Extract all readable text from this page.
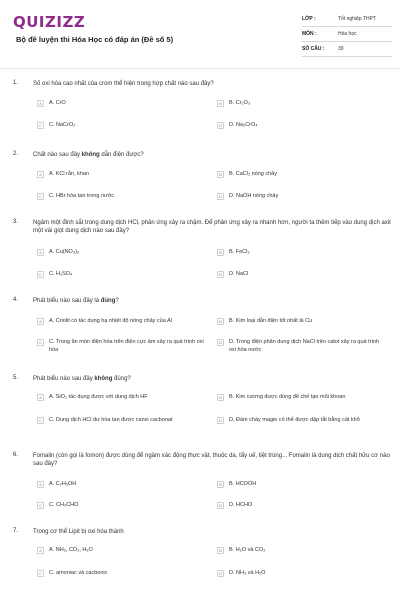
QUIZIZZ
Bộ đề luyện thi Hóa Học có đáp án (Đề số 5)
LỚP :	Tốt nghiệp THPT
MÔN :	Hóa học
SỐ CÂU :	39
1. Số oxi hóa cao nhất của crom thể hiện trong hợp chất nào sau đây?
A	A. CrO	B	B. Cr₂O₃
C	C. NaCrO₂	D	D. Na₂CrO₄
2. Chất nào sau đây không dẫn điện được?
A	A. KCl rắn, khan	B	B. CaCl₂ nóng chảy
C	C. HBr hòa tan trong nước	D	D. NaOH nóng chảy
3. Ngâm một đinh sắt trong dung dịch HCl, phản ứng xảy ra chậm. Để phản ứng xảy ra nhanh hơn, người ta thêm tiếp vào dung dịch axit một vài giọt dung dịch nào sau đây?
A	A. Cu(NO₃)₂	B	B. FeCl₃
C	C. H₂SO₄	D	D. NaCl
4. Phát biểu nào sau đây là đúng?
A	A. Criolit có tác dụng hạ nhiệt độ nóng chảy của Al	B	B. Kim loại dẫn điện tốt nhất là Cu
C	C. Trong ăn mòn điện hóa trên điện cực âm xảy ra quá trình oxi hóa
D	D. Trong điện phân dung dịch NaCl trên catot xảy ra quá trình oxi hóa nước
5. Phát biểu nào sau đây không đúng?
A	A. SiO₂ tác dụng được với dung dịch HF	B	B. Kim cương được dùng để chế tạo mũi khoan
C	C. Dung dịch HCl dư hòa tan được canxi cacbonat	D	D. Đám cháy magie có thể được dập tắt bằng cát khô
6. Fomalin (còn gọi là fomon) được dùng để ngâm xác động thực vật, thuộc da, tẩy uế, tiệt trùng... Fomalin là dung dịch chất hữu cơ nào sau đây?
A	A. C₂H₅OH	B	B. HCOOH
C	C. CH₃CHO	D	D. HCHO
7. Trong cơ thể Lipit bị oxi hóa thành
A	A. NH₃, CO₂, H₂O	B	B. H₂O và CO₂
C	C. amoniac và cacbonic	D	D. NH₃ và H₂O
